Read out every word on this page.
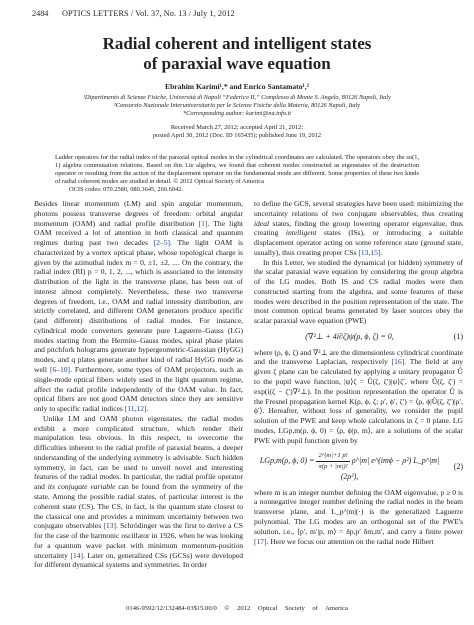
2484 OPTICS LETTERS / Vol. 37, No. 13 / July 1, 2012
Radial coherent and intelligent states
of paraxial wave equation
Ebrahim Karimi¹,* and Enrico Santamato¹,²
¹Dipartimento di Scienze Fisiche, Università di Napoli “Federico II,” Complesso di Monte S. Angelo, 80126 Napoli, Italy
²Consorzio Nazionale Interuniversitario per le Scienze Fisiche della Materia, 80126 Napoli, Italy
*Corresponding author: karimi@na.infn.it
Received March 27, 2012; accepted April 21, 2012;
posted April 30, 2012 (Doc. ID 165435); published June 19, 2012
Ladder operators for the radial index of the paraxial optical modes in the cylindrical coordinates are calculated. The operators obey the su(1, 1) algebra commutation relations. Based on this Lie algebra, we found that coherent modes constructed as eigenstates of the destruction operator or resulting from the action of the displacement operator on the fundamental mode are different. Some properties of these two kinds of radial coherent modes are studied in detail. © 2012 Optical Society of America
OCIS codes: 070.2580, 080.3645, 260.6042.

Besides linear momentum (LM) and spin angular momentum, photons possess transverse degrees of freedom: orbital angular momentum (OAM) and radial profile distribution [1]. The light OAM received a lot of attention in both classical and quantum regimes during past two decades [2–5]. The light OAM is characterized by a vortex optical phase, whose topological charge is given by the azimuthal index m = 0, ±1, ±2, .... On the contrary, the radial index (RI) p = 0, 1, 2, ..., which is associated to the intensity distribution of the light in the transverse plane, has been out of interest almost completely. Nevertheless, these two transverse degrees of freedom, i.e., OAM and radial intensity distribution, are strictly correlated, and different OAM generators produce specific (and different) distributions of radial modes. For instance, cylindrical mode converters generate pure Laguerre–Gauss (LG) modes starting from the Hermite–Gauss modes, spiral phase plates and pitchfork holograms generate hypergeometric-Gaussian (HyGG) modes, and q plates generate another kind of radial HyGG mode as well [6–10]. Furthermore, some types of OAM projectors, such as single-mode optical fibers widely used in the light quantum regime, affect the radial profile independently of the OAM value. In fact, optical fibers are not good OAM detectors since they are sensitive only to specific radial indices [11,12].

Unlike LM and OAM photon eigenstates, the radial modes exhibit a more complicated structure, which render their manipulation less obvious. In this respect, to overcome the difficulties inherent to the radial profile of paraxial beams, a deeper understanding of the underlying symmetry is advisable. Such hidden symmetry, in fact, can be used to unveil novel and interesting features of the radial modes. In particular, the radial profile operator and its conjugate variable can be found from the symmetry of the state. Among the possible radial states, of particular interest is the coherent state (CS). The CS, in fact, is the quantum state closest to the classical one and provides a minimum uncertainty between two conjugate observables [13]. Schrödinger was the first to derive a CS for the case of the harmonic oscillator in 1926, when he was looking for a quantum wave packet with minimum momentum-position uncertainty [14]. Later on, generalized CSs (GCSs) were developed for different dynamical systems and symmetries. In order

to define the GCS, several strategies have been used: minimizing the uncertainty relations of two conjugate observables, thus creating ideal states, finding the group lowering operator eigenvalue, thus creating intelligent states (ISs), or introducing a suitable displacement operator acting on some reference state (ground state, usually), thus creating proper CSs [13,15].

In this Letter, we studied the dynamical (or hidden) symmetry of the scalar paraxial wave equation by considering the group algebra of the LG modes. Both IS and CS radial modes were then constructed starting from the algebra, and some features of these modes were described in the position representation of the state. The most common optical beams generated by laser sources obey the scalar paraxial wave equation (PWE)

(∇²⊥ + 4i∂ζ)ψ(ρ, ϕ, ζ) = 0,	(1)

where (ρ, ϕ, ζ) and ∇²⊥ are the dimensionless cylindrical coordinate and the transverse Laplacian, respectively [16]. The field at any given ζ plane can be calculated by applying a unitary propagator Û to the pupil wave function, |ψ⟩ζ = Û(ζ, ζ′)|ψ⟩ζ′, where Û(ζ, ζ′) = exp(i(ζ − ζ′)∇²⊥). In the position representation the operator Û is the Fresnel propagation kernel K(ρ, ϕ, ζ; ρ′, ϕ′, ζ′) = ⟨ρ, ϕ|Û(ζ, ζ′)|ρ′, ϕ′⟩. Hereafter, without loss of generality, we consider the pupil solution of the PWE and keep whole calculations in ζ = 0 plane. LG modes, LGp,m(ρ, ϕ, 0) = ⟨ρ, ϕ|p, m⟩, are a solutions of the scalar PWE with pupil function given by

LGp,m(ρ, ϕ, $0) = \frac{2\^{}|m|+1 p!}{\pi(p + |m|)!}$ ρ^|m| e^(imϕ − ρ²) L_p^|m|(2ρ²),
(2)

where m is an integer number defining the OAM eigenvalue, p ≥ 0 is a nonnegative integer number defining the radial nodes in the beam transverse plane, and L_p^|m|(·) is the generalized Laguerre polynomial. The LG modes are an orthogonal set of the PWE's solution, i.e., ⟨p′, m′|p, m⟩ = δp,p′ δm,m′, and carry a finite power [17]. Here we focus our attention on the radial node Hilbert

0146-9592/12/132484-03$15.00/0 © 2012 Optical Society of America
